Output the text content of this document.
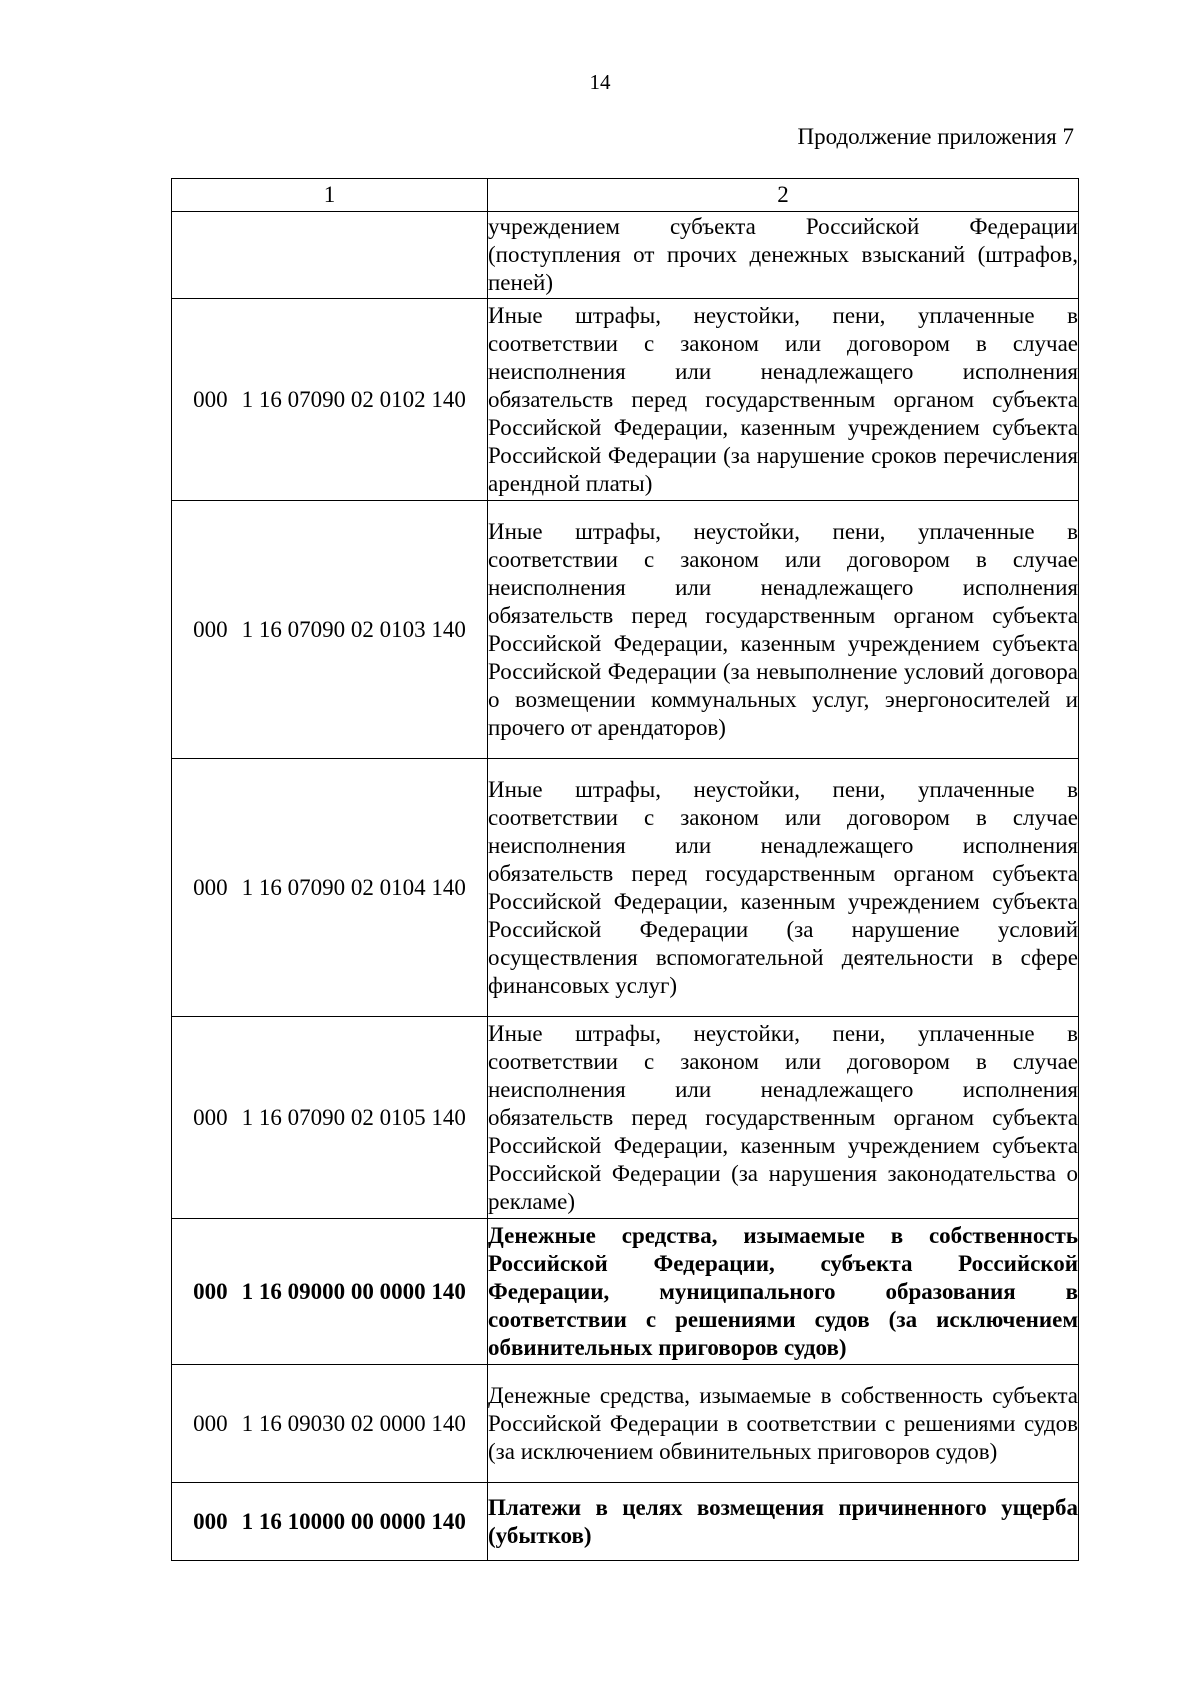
14
Продолжение приложения 7
1	2
	учреждением субъекта Российской Федерации (поступления от прочих денежных взысканий (штрафов, пеней)
000 1 16 07090 02 0102 140	Иные штрафы, неустойки, пени, уплаченные в соответствии с законом или договором в случае неисполнения или ненадлежащего исполнения обязательств перед государственным органом субъекта Российской Федерации, казенным учреждением субъекта Российской Федерации (за нарушение сроков перечисления арендной платы)
000 1 16 07090 02 0103 140	Иные штрафы, неустойки, пени, уплаченные в соответствии с законом или договором в случае неисполнения или ненадлежащего исполнения обязательств перед государственным органом субъекта Российской Федерации, казенным учреждением субъекта Российской Федерации (за невыполнение условий договора о возмещении коммунальных услуг, энергоносителей и прочего от арендаторов)
000 1 16 07090 02 0104 140	Иные штрафы, неустойки, пени, уплаченные в соответствии с законом или договором в случае неисполнения или ненадлежащего исполнения обязательств перед государственным органом субъекта Российской Федерации, казенным учреждением субъекта Российской Федерации (за нарушение условий осуществления вспомогательной деятельности в сфере финансовых услуг)
000 1 16 07090 02 0105 140	Иные штрафы, неустойки, пени, уплаченные в соответствии с законом или договором в случае неисполнения или ненадлежащего исполнения обязательств перед государственным органом субъекта Российской Федерации, казенным учреждением субъекта Российской Федерации (за нарушения законодательства о рекламе)
000 1 16 09000 00 0000 140	Денежные средства, изымаемые в собственность Российской Федерации, субъекта Российской Федерации, муниципального образования в соответствии с решениями судов (за исключением обвинительных приговоров судов)
000 1 16 09030 02 0000 140	Денежные средства, изымаемые в собственность субъекта Российской Федерации в соответствии с решениями судов (за исключением обвинительных приговоров судов)
000 1 16 10000 00 0000 140	Платежи в целях возмещения причиненного ущерба (убытков)
